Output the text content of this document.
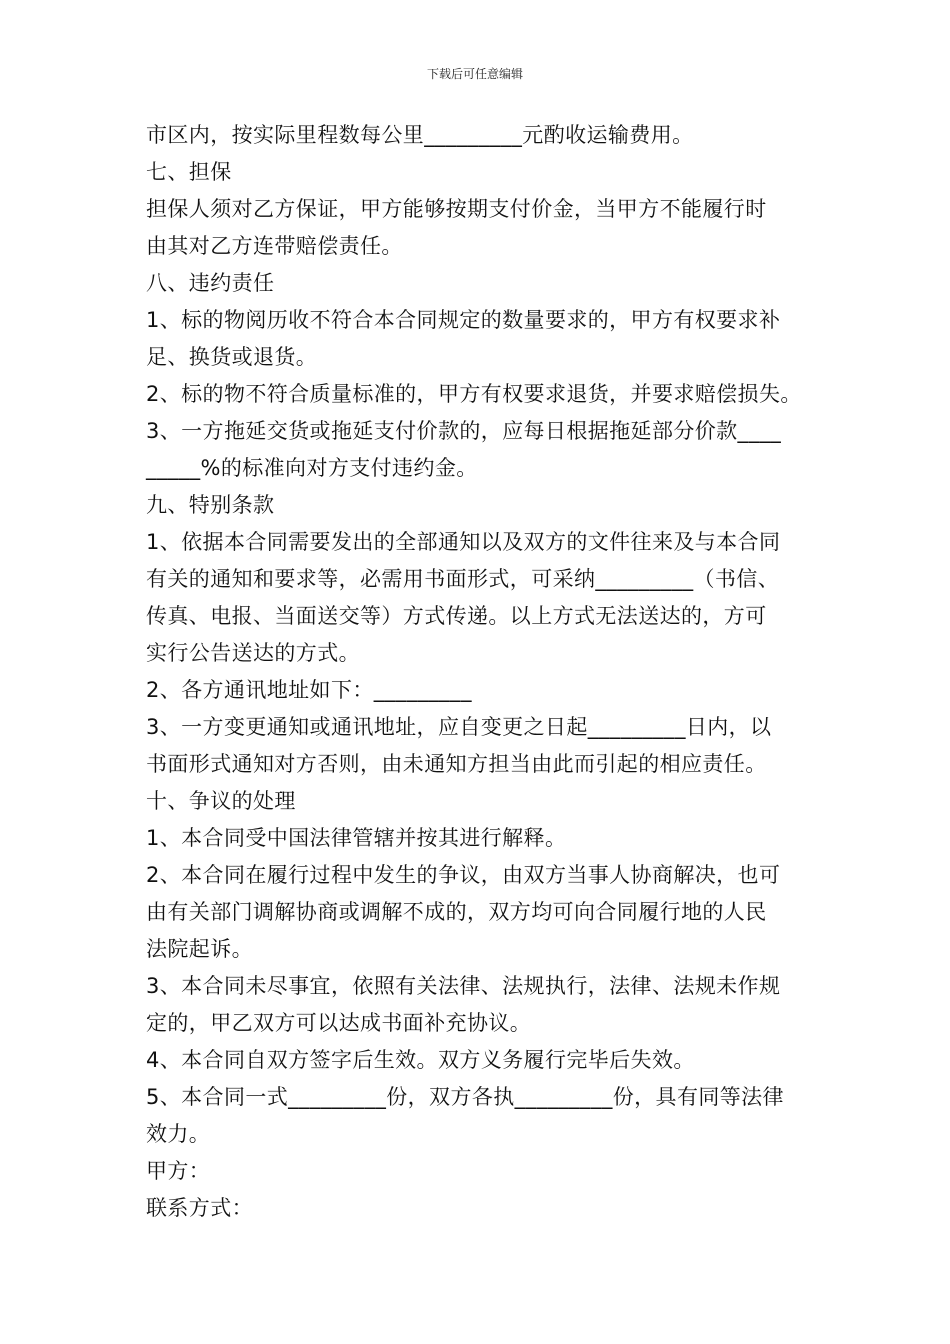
下载后可任意编辑
市区内，按实际里程数每公里_________元酌收运输费用。
七、担保
担保人须对乙方保证，甲方能够按期支付价金，当甲方不能履行时
由其对乙方连带赔偿责任。
八、违约责任
1、标的物阅历收不符合本合同规定的数量要求的，甲方有权要求补
足、换货或退货。
2、标的物不符合质量标准的，甲方有权要求退货，并要求赔偿损失。
3、一方拖延交货或拖延支付价款的，应每日根据拖延部分价款____
_____%的标准向对方支付违约金。
九、特别条款
1、依据本合同需要发出的全部通知以及双方的文件往来及与本合同
有关的通知和要求等，必需用书面形式，可采纳_________（书信、
传真、电报、当面送交等）方式传递。以上方式无法送达的，方可
实行公告送达的方式。
2、各方通讯地址如下：_________
3、一方变更通知或通讯地址，应自变更之日起_________日内，以
书面形式通知对方否则，由未通知方担当由此而引起的相应责任。
十、争议的处理
1、本合同受中国法律管辖并按其进行解释。
2、本合同在履行过程中发生的争议，由双方当事人协商解决，也可
由有关部门调解协商或调解不成的，双方均可向合同履行地的人民
法院起诉。
3、本合同未尽事宜，依照有关法律、法规执行，法律、法规未作规
定的，甲乙双方可以达成书面补充协议。
4、本合同自双方签字后生效。双方义务履行完毕后失效。
5、本合同一式_________份，双方各执_________份，具有同等法律
效力。
甲方：
联系方式：
